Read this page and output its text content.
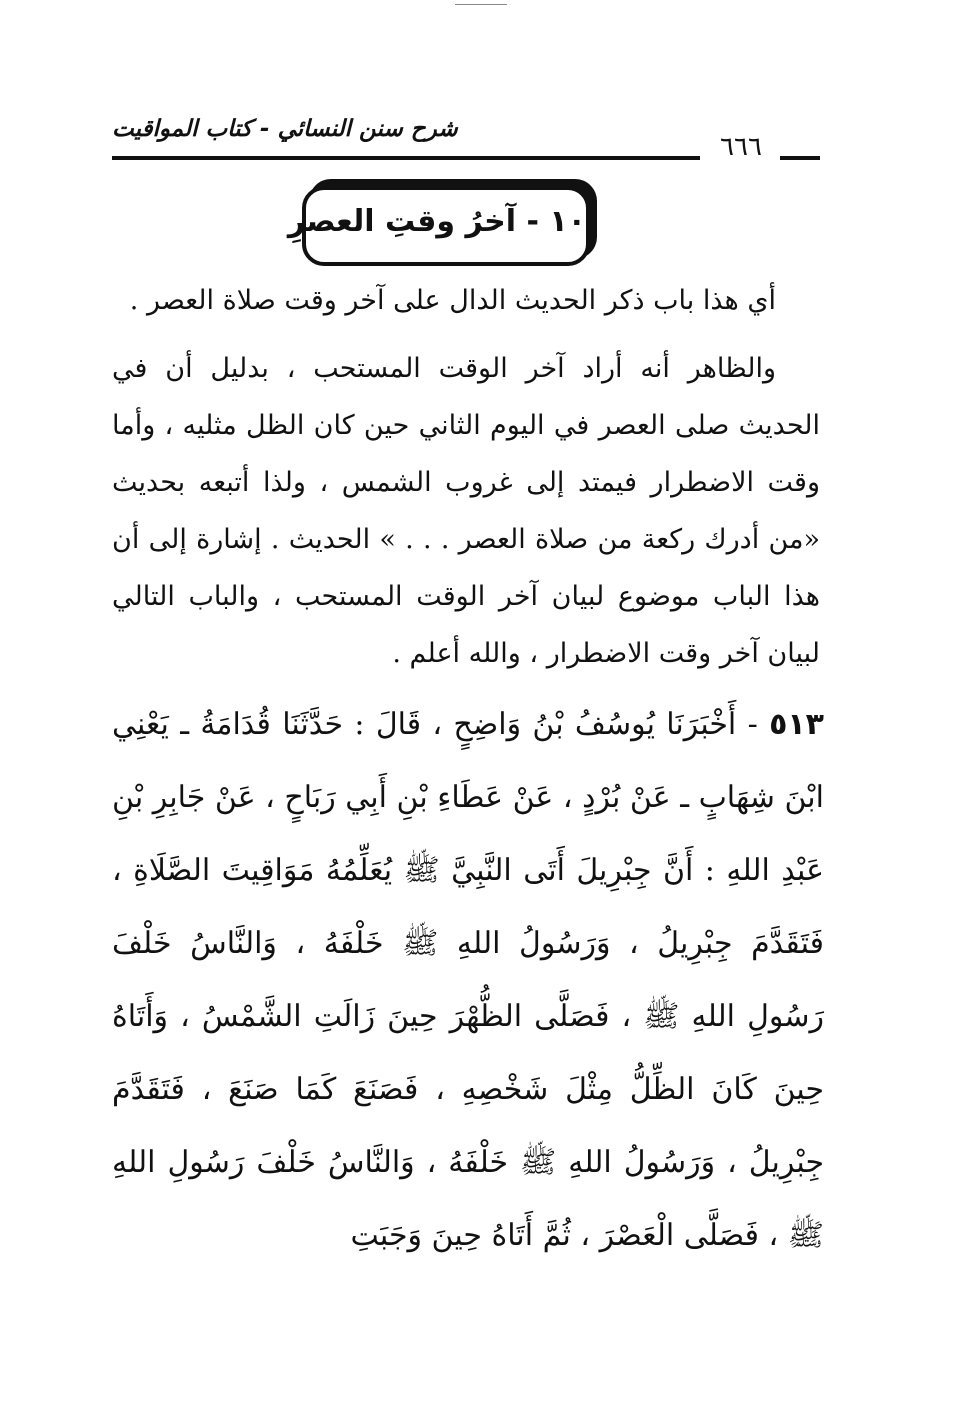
شرح سنن النسائي - كتاب المواقيت
٦٦٦
١٠ - آخرُ وقتِ العصرِ

أي هذا باب ذكر الحديث الدال على آخر وقت صلاة العصر .

والظاهر أنه أراد آخر الوقت المستحب ، بدليل أن في الحديث صلى العصر في اليوم الثاني حين كان الظل مثليه ، وأما وقت الاضطرار فيمتد إلى غروب الشمس ، ولذا أتبعه بحديث «من أدرك ركعة من صلاة العصر . . . » الحديث . إشارة إلى أن هذا الباب موضوع لبيان آخر الوقت المستحب ، والباب التالي لبيان آخر وقت الاضطرار ، والله أعلم .

٥١٣ - أَخْبَرَنَا يُوسُفُ بْنُ وَاضِحٍ ، قَالَ : حَدَّثَنَا قُدَامَةُ ـ يَعْنِي ابْنَ شِهَابٍ ـ عَنْ بُرْدٍ ، عَنْ عَطَاءِ بْنِ أَبِي رَبَاحٍ ، عَنْ جَابِرِ بْنِ عَبْدِ اللهِ : أَنَّ جِبْرِيلَ أَتَى النَّبِيَّ ﷺ يُعَلِّمُهُ مَوَاقِيتَ الصَّلَاةِ ، فَتَقَدَّمَ جِبْرِيلُ ، وَرَسُولُ اللهِ ﷺ خَلْفَهُ ، وَالنَّاسُ خَلْفَ رَسُولِ اللهِ ﷺ ، فَصَلَّى الظُّهْرَ حِينَ زَالَتِ الشَّمْسُ ، وَأَتَاهُ حِينَ كَانَ الظِّلُّ مِثْلَ شَخْصِهِ ، فَصَنَعَ كَمَا صَنَعَ ، فَتَقَدَّمَ جِبْرِيلُ ، وَرَسُولُ اللهِ ﷺ خَلْفَهُ ، وَالنَّاسُ خَلْفَ رَسُولِ اللهِ ﷺ ، فَصَلَّى الْعَصْرَ ، ثُمَّ أَتَاهُ حِينَ وَجَبَتِ
